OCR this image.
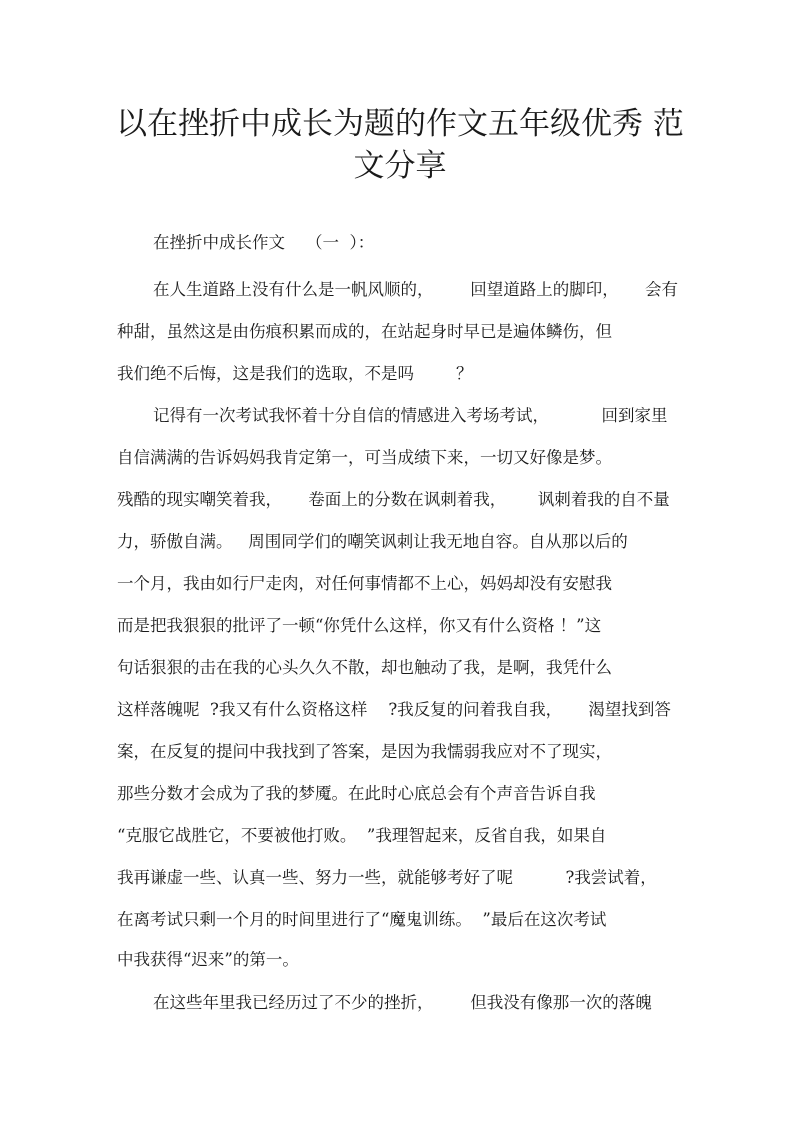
以在挫折中成长为题的作文五年级优秀 范
文分享
在挫折中成长作文    （一  ）：
在人生道路上没有什么是一帆风顺的，       回望道路上的脚印，     会有
种甜，虽然这是由伤痕积累而成的，在站起身时早已是遍体鳞伤，但
我们绝不后悔，这是我们的选取，不是吗        ？
记得有一次考试我怀着十分自信的情感进入考场考试，          回到家里
自信满满的告诉妈妈我肯定第一，可当成绩下来，一切又好像是梦。
残酷的现实嘲笑着我，     卷面上的分数在讽刺着我，      讽刺着我的自不量
力，骄傲自满。   周围同学们的嘲笑讽刺让我无地自容。自从那以后的
一个月，我由如行尸走肉，对任何事情都不上心，妈妈却没有安慰我
而是把我狠狠的批评了一顿“你凭什么这样，你又有什么资格 ！”这
句话狠狠的击在我的心头久久不散，却也触动了我，是啊，我凭什么
这样落魄呢  ?我又有什么资格这样    ?我反复的问着我自我，     渴望找到答
案，在反复的提问中我找到了答案，是因为我懦弱我应对不了现实，
那些分数才会成为了我的梦魇。在此时心底总会有个声音告诉自我
“克服它战胜它，不要被他打败。  ”我理智起来，反省自我，如果自
我再谦虚一些、认真一些、努力一些，就能够考好了呢          ?我尝试着，
在离考试只剩一个月的时间里进行了“魔鬼训练。  ”最后在这次考试
中我获得“迟来”的第一。
在这些年里我已经历过了不少的挫折，       但我没有像那一次的落魄
